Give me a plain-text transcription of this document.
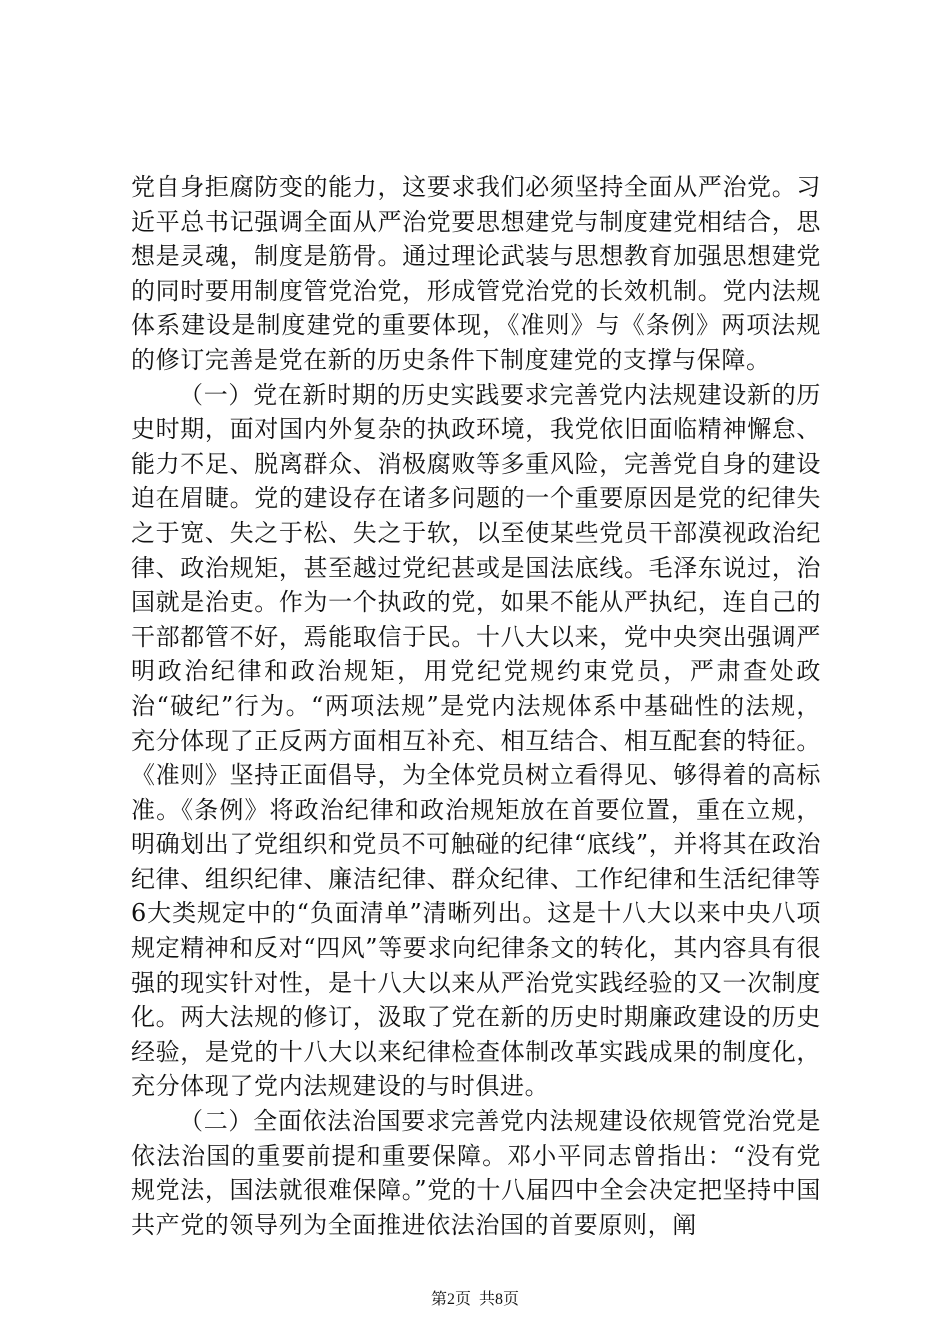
党自身拒腐防变的能力，这要求我们必须坚持全面从严治党。习近平总书记强调全面从严治党要思想建党与制度建党相结合，思想是灵魂，制度是筋骨。通过理论武装与思想教育加强思想建党的同时要用制度管党治党，形成管党治党的长效机制。党内法规体系建设是制度建党的重要体现，《准则》与《条例》两项法规的修订完善是党在新的历史条件下制度建党的支撑与保障。

（一）党在新时期的历史实践要求完善党内法规建设新的历史时期，面对国内外复杂的执政环境，我党依旧面临精神懈怠、能力不足、脱离群众、消极腐败等多重风险，完善党自身的建设迫在眉睫。党的建设存在诸多问题的一个重要原因是党的纪律失之于宽、失之于松、失之于软，以至使某些党员干部漠视政治纪律、政治规矩，甚至越过党纪甚或是国法底线。毛泽东说过，治国就是治吏。作为一个执政的党，如果不能从严执纪，连自己的干部都管不好，焉能取信于民。十八大以来，党中央突出强调严明政治纪律和政治规矩，用党纪党规约束党员，严肃查处政治“破纪”行为。“两项法规”是党内法规体系中基础性的法规，充分体现了正反两方面相互补充、相互结合、相互配套的特征。《准则》坚持正面倡导，为全体党员树立看得见、够得着的高标准。《条例》将政治纪律和政治规矩放在首要位置，重在立规，明确划出了党组织和党员不可触碰的纪律“底线”，并将其在政治纪律、组织纪律、廉洁纪律、群众纪律、工作纪律和生活纪律等6大类规定中的“负面清单”清晰列出。这是十八大以来中央八项规定精神和反对“四风”等要求向纪律条文的转化，其内容具有很强的现实针对性，是十八大以来从严治党实践经验的又一次制度化。两大法规的修订，汲取了党在新的历史时期廉政建设的历史经验，是党的十八大以来纪律检查体制改革实践成果的制度化，充分体现了党内法规建设的与时俱进。

（二）全面依法治国要求完善党内法规建设依规管党治党是依法治国的重要前提和重要保障。邓小平同志曾指出：“没有党规党法，国法就很难保障。”党的十八届四中全会决定把坚持中国共产党的领导列为全面推进依法治国的首要原则，阐

第2页  共8页
